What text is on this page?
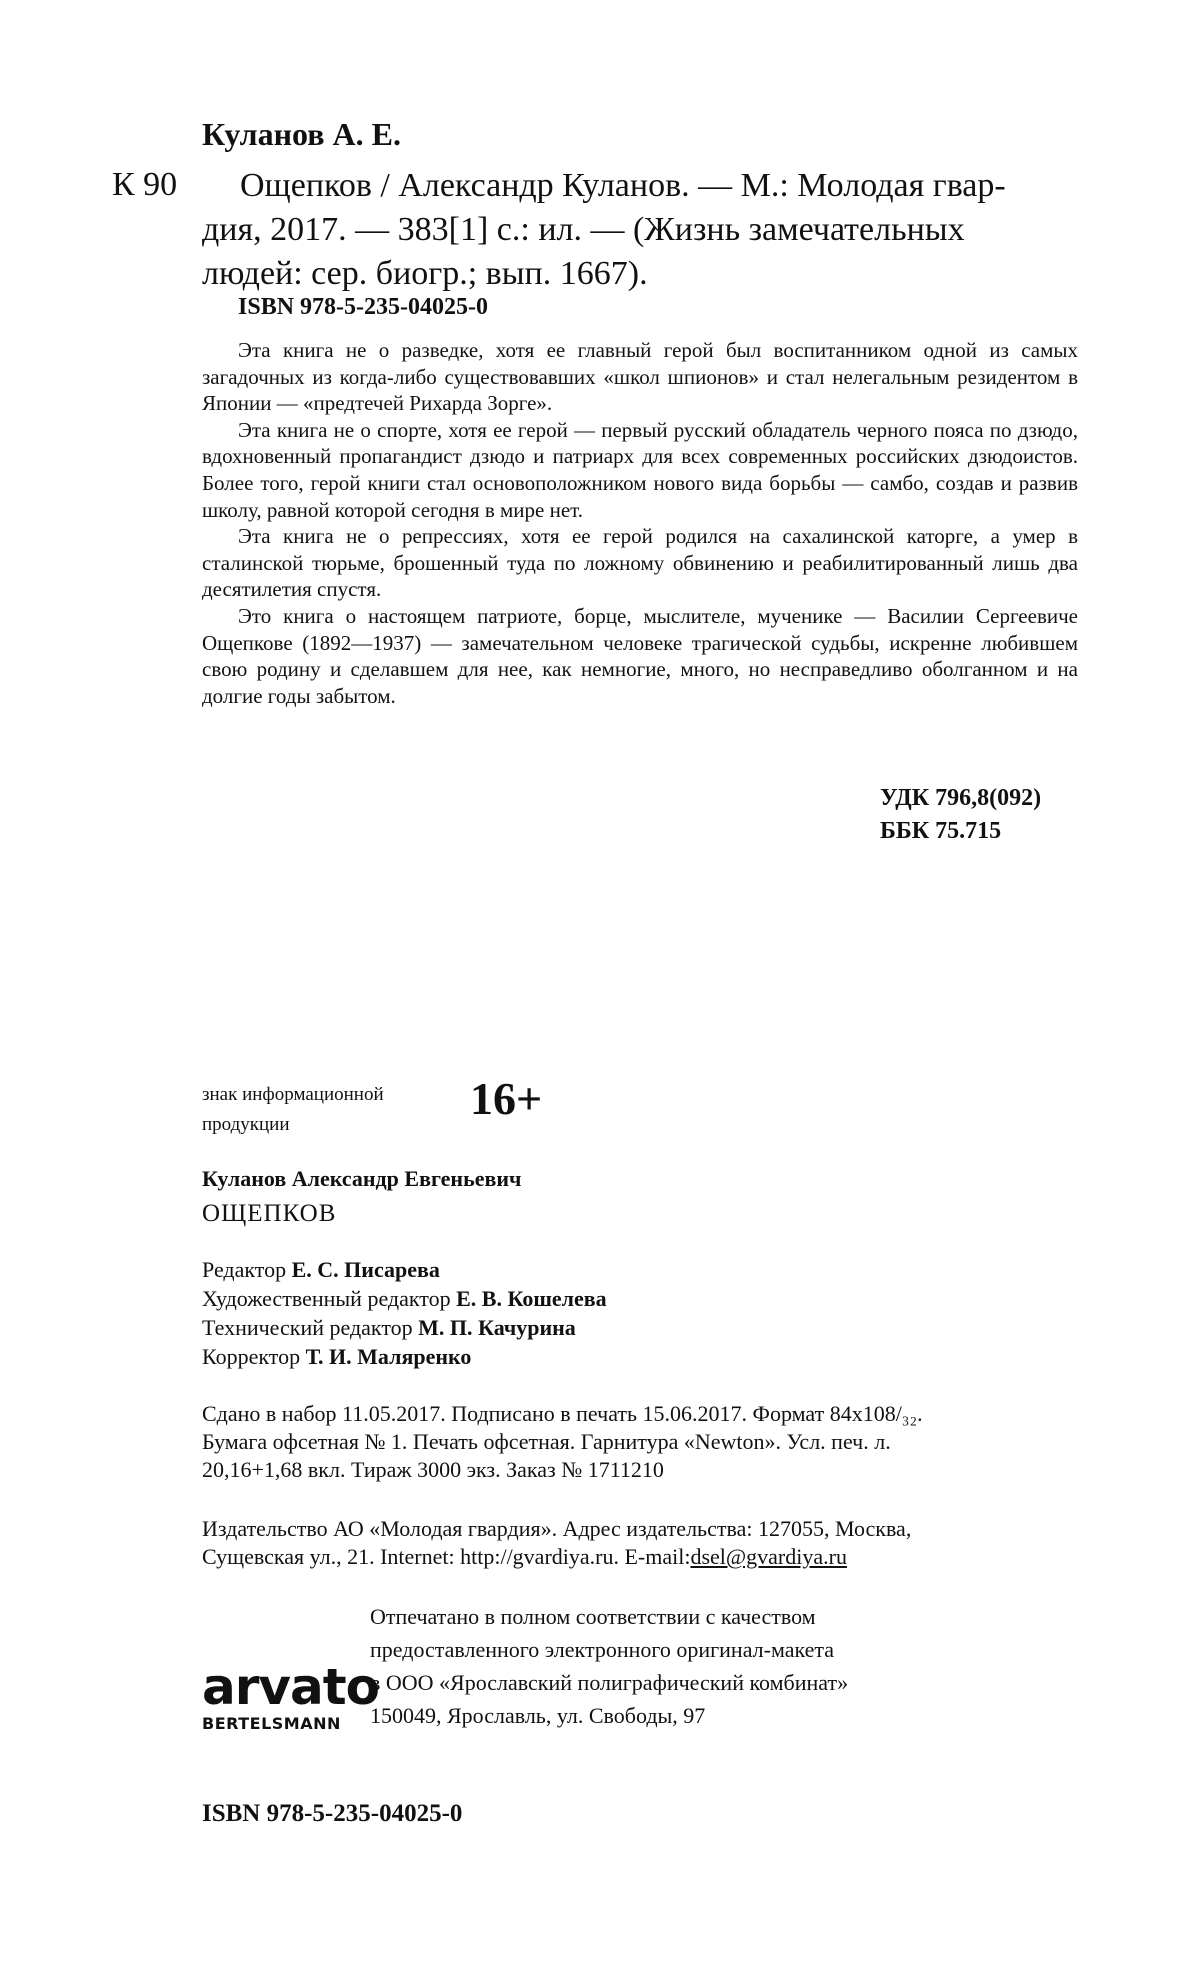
Куланов А. Е.
К 90	Ощепков / Александр Куланов. — М.: Молодая гвар-
дия, 2017. — 383[1] с.: ил. — (Жизнь замечательных
людей: сер. биогр.; вып. 1667).
ISBN 978-5-235-04025-0

Эта книга не о разведке, хотя ее главный герой был воспитанником одной из самых загадочных из когда-либо существовавших «школ шпионов» и стал нелегальным резидентом в Японии — «предтечей Рихарда Зорге».

Эта книга не о спорте, хотя ее герой — первый русский обладатель черного пояса по дзюдо, вдохновенный пропагандист дзюдо и патриарх для всех современных российских дзюдоистов. Более того, герой книги стал основоположником нового вида борьбы — самбо, создав и развив школу, равной которой сегодня в мире нет.

Эта книга не о репрессиях, хотя ее герой родился на сахалинской каторге, а умер в сталинской тюрьме, брошенный туда по ложному обвинению и реабилитированный лишь два десятилетия спустя.

Это книга о настоящем патриоте, борце, мыслителе, мученике — Василии Сергеевиче Ощепкове (1892—1937) — замечательном человеке трагической судьбы, искренне любившем свою родину и сделавшем для нее, как немногие, много, но несправедливо оболганном и на долгие годы забытом.

УДК 796,8(092)
ББК 75.715
знак информационной
продукции
16+
Куланов Александр Евгеньевич
ОЩЕПКОВ
Редактор Е. С. Писарева
Художественный редактор Е. В. Кошелева
Технический редактор М. П. Качурина
Корректор Т. И. Маляренко
Сдано в набор 11.05.2017. Подписано в печать 15.06.2017. Формат 84x108/₃₂.
Бумага офсетная № 1. Печать офсетная. Гарнитура «Newton». Усл. печ. л.
20,16+1,68 вкл. Тираж 3000 экз. Заказ № 1711210
Издательство АО «Молодая гвардия». Адрес издательства: 127055, Москва,
Сущевская ул., 21. Internet: http://gvardiya.ru. E-mail:dsel@gvardiya.ru
arvato
BERTELSMANN
Отпечатано в полном соответствии с качеством
предоставленного электронного оригинал-макета
в ООО «Ярославский полиграфический комбинат»
150049, Ярославль, ул. Свободы, 97
ISBN 978-5-235-04025-0
